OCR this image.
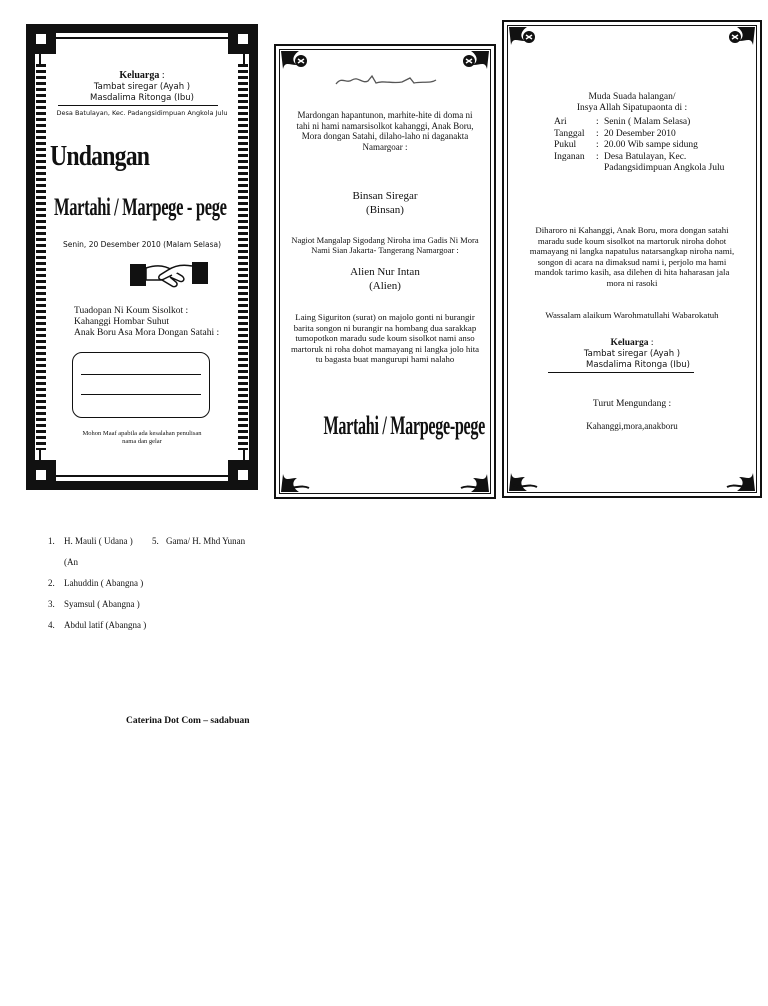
Keluarga :
Tambat siregar (Ayah )
Masdalima Ritonga (Ibu)
Desa Batulayan, Kec. Padangsidimpuan Angkola Julu
Undangan
Martahi / Marpege - pege
Senin, 20 Desember 2010 (Malam Selasa)
Tuadopan Ni Koum Sisolkot :
Kahanggi Hombar Suhut
Anak Boru Asa Mora Dongan Satahi :
Mohon Maaf apabila ada kesalahan penulisan nama dan gelar
Mardongan hapantunon, marhite-hite di doma ni tahi ni hami namarsisolkot kahanggi, Anak Boru, Mora dongan Satahi, dilaho-laho ni daganakta Namargoar :
Binsan Siregar
(Binsan)
Nagiot Mangalap Sigodang Niroha ima Gadis Ni Mora Nami Sian Jakarta- Tangerang Namargoar :
Alien Nur Intan
(Alien)
Laing Siguriton (surat) on majolo gonti ni burangir barita songon ni burangir na hombang dua sarakkap tumopotkon maradu sude koum sisolkot nami anso martoruk ni roha dohot mamayang ni langka jolo hita tu bagasta buat mangurupi hami nalaho
Martahi / Marpege-pege
Muda Suada halangan/
Insya Allah Sipatupaonta di :
Ari	: Senin ( Malam Selasa)
Tanggal	: 20 Desember 2010
Pukul	: 20.00 Wib sampe sidung
Inganan	: Desa Batulayan, Kec. Padangsidimpuan Angkola Julu
Diharoro ni Kahanggi, Anak Boru, mora dongan satahi maradu sude koum sisolkot na martoruk niroha dohot mamayang ni langka napatulus natarsangkap niroha nami, songon di acara na dimaksud nami i, perjolo ma hami mandok tarimo kasih, asa dilehen di hita haharasan jala mora ni rasoki
Wassalam alaikum Warohmatullahi Wabarokatuh
Keluarga :
Tambat siregar (Ayah )
Masdalima Ritonga (Ibu)
Turut Mengundang :
Kahanggi,mora,anakboru
1. H. Mauli ( Udana ) 5. Gama/ H. Mhd Yunan
(An
2. Lahuddin ( Abangna )
3. Syamsul ( Abangna )
4. Abdul latif (Abangna )
Caterina Dot Com – sadabuan
